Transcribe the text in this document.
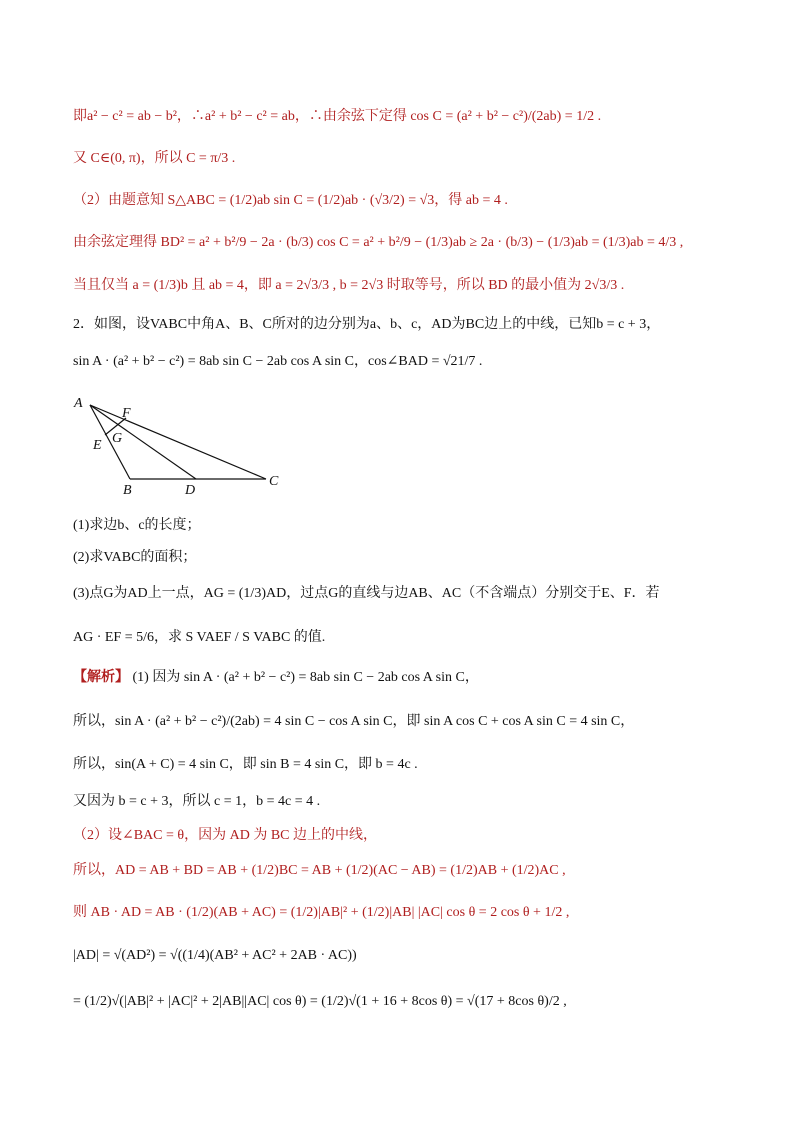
即a² − c² = ab − b²，∴a² + b² − c² = ab，∴由余弦下定得 cos C = (a² + b² − c²)/(2ab) = 1/2 .
又 C∈(0, π)，所以 C = π/3 .
（2）由题意知 S△ABC = (1/2)ab sin C = (1/2)ab · (√3/2) = √3，得 ab = 4 .
由余弦定理得 BD² = a² + b²/9 − 2a · (b/3) cos C = a² + b²/9 − (1/3)ab ≥ 2a · (b/3) − (1/3)ab = (1/3)ab = 4/3 ,
当且仅当 a = (1/3)b 且 ab = 4，即 a = 2√3/3 , b = 2√3 时取等号，所以 BD 的最小值为 2√3/3 .
2．如图，设VABC中角A、B、C所对的边分别为a、b、c，AD为BC边上的中线，已知b = c + 3，
sin A · (a² + b² − c²) = 8ab sin C − 2ab cos A sin C，cos∠BAD = √21/7 .
A
F
G
E
B	D
C
(1)求边b、c的长度；
(2)求VABC的面积；
(3)点G为AD上一点，AG = (1/3)AD，过点G的直线与边AB、AC（不含端点）分别交于E、F．若
AG · EF = 5/6，求 S VAEF / S VABC 的值.
【解析】 (1) 因为 sin A · (a² + b² − c²) = 8ab sin C − 2ab cos A sin C，
所以，sin A · (a² + b² − c²)/(2ab) = 4 sin C − cos A sin C，即 sin A cos C + cos A sin C = 4 sin C，
所以，sin(A + C) = 4 sin C，即 sin B = 4 sin C，即 b = 4c .
又因为 b = c + 3，所以 c = 1，b = 4c = 4 .
（2）设∠BAC = θ，因为 AD 为 BC 边上的中线，
所以，AD = AB + BD = AB + (1/2)BC = AB + (1/2)(AC − AB) = (1/2)AB + (1/2)AC ,
则 AB · AD = AB · (1/2)(AB + AC) = (1/2)|AB|² + (1/2)|AB| |AC| cos θ = 2 cos θ + 1/2 ,
|AD| = √(AD²) = √((1/4)(AB² + AC² + 2AB · AC))
= (1/2)√(|AB|² + |AC|² + 2|AB||AC| cos θ) = (1/2)√(1 + 16 + 8cos θ) = √(17 + 8cos θ)/2 ,
